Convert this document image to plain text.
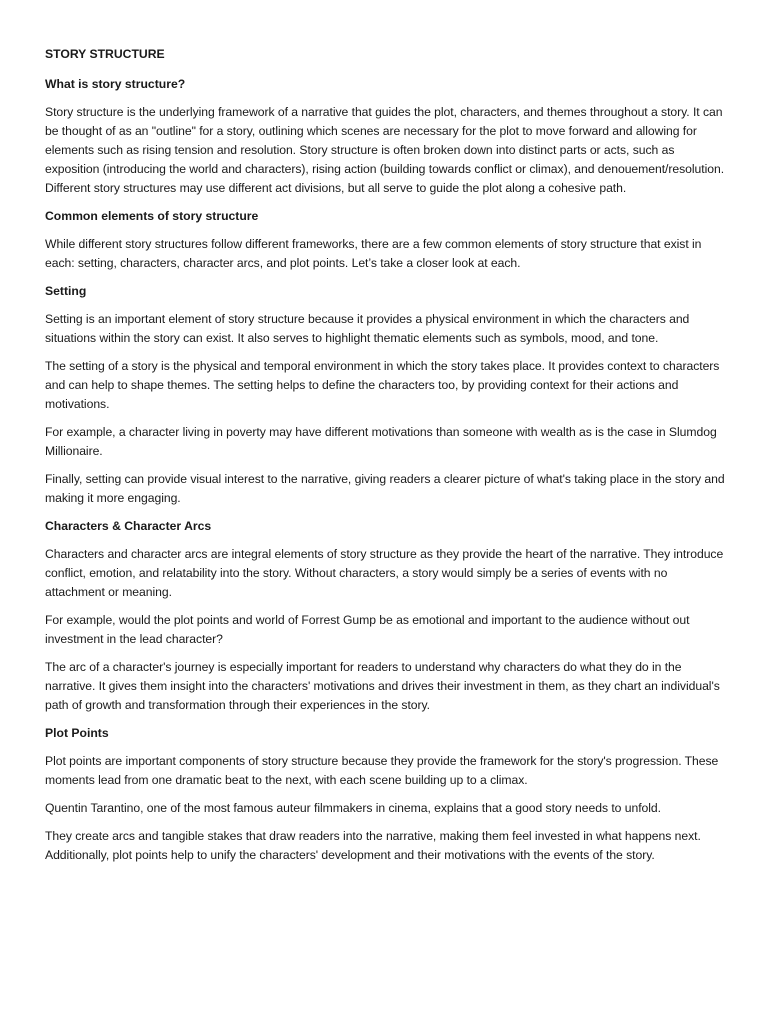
STORY STRUCTURE
What is story structure?

Story structure is the underlying framework of a narrative that guides the plot, characters, and themes throughout a story. It can be thought of as an "outline" for a story, outlining which scenes are necessary for the plot to move forward and allowing for elements such as rising tension and resolution. Story structure is often broken down into distinct parts or acts, such as exposition (introducing the world and characters), rising action (building towards conflict or climax), and denouement/resolution. Different story structures may use different act divisions, but all serve to guide the plot along a cohesive path.

Common elements of story structure

While different story structures follow different frameworks, there are a few common elements of story structure that exist in each: setting, characters, character arcs, and plot points. Let’s take a closer look at each.

Setting

Setting is an important element of story structure because it provides a physical environment in which the characters and situations within the story can exist. It also serves to highlight thematic elements such as symbols, mood, and tone.

The setting of a story is the physical and temporal environment in which the story takes place. It provides context to characters and can help to shape themes. The setting helps to define the characters too, by providing context for their actions and motivations.

For example, a character living in poverty may have different motivations than someone with wealth as is the case in Slumdog Millionaire.

Finally, setting can provide visual interest to the narrative, giving readers a clearer picture of what's taking place in the story and making it more engaging.

Characters & Character Arcs

Characters and character arcs are integral elements of story structure as they provide the heart of the narrative. They introduce conflict, emotion, and relatability into the story. Without characters, a story would simply be a series of events with no attachment or meaning.

For example, would the plot points and world of Forrest Gump be as emotional and important to the audience without out investment in the lead character?

The arc of a character's journey is especially important for readers to understand why characters do what they do in the narrative. It gives them insight into the characters' motivations and drives their investment in them, as they chart an individual's path of growth and transformation through their experiences in the story.

Plot Points

Plot points are important components of story structure because they provide the framework for the story's progression. These moments lead from one dramatic beat to the next, with each scene building up to a climax.

Quentin Tarantino, one of the most famous auteur filmmakers in cinema, explains that a good story needs to unfold.

They create arcs and tangible stakes that draw readers into the narrative, making them feel invested in what happens next. Additionally, plot points help to unify the characters' development and their motivations with the events of the story.
